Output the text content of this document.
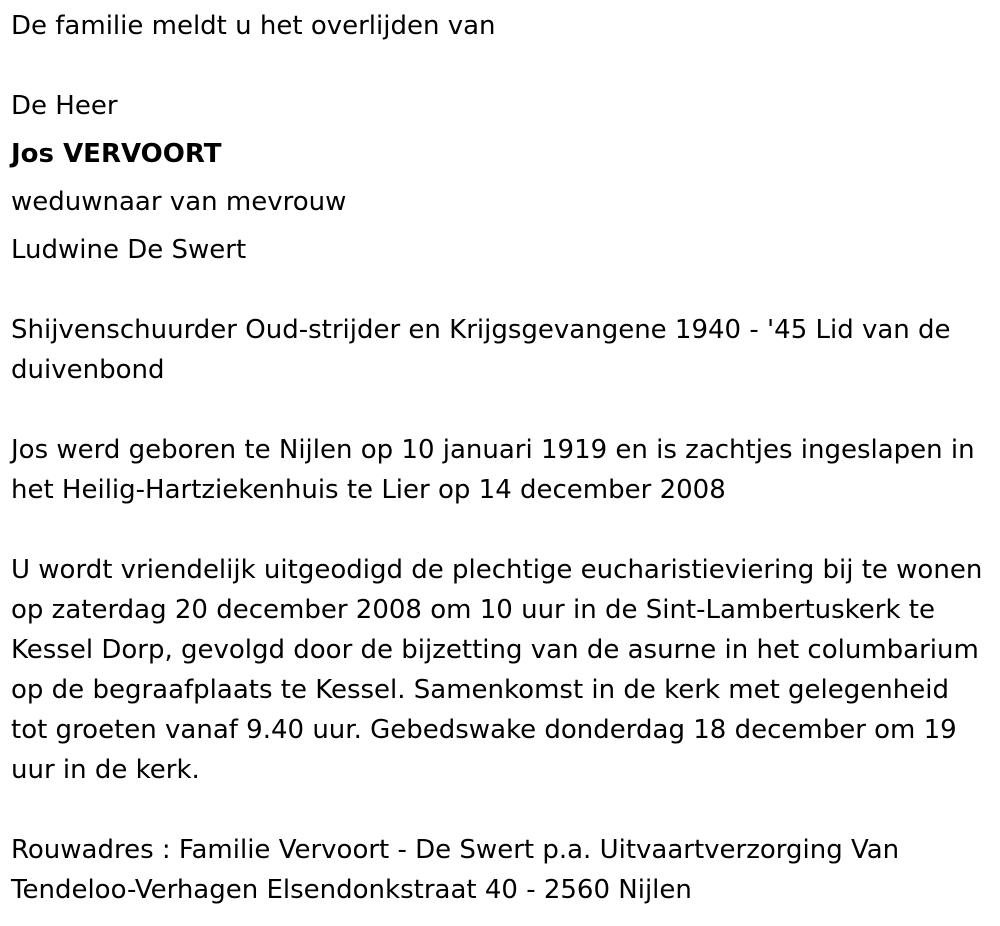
De familie meldt u het overlijden van

De Heer

Jos VERVOORT

weduwnaar van mevrouw

Ludwine De Swert

Shijvenschuurder Oud-strijder en Krijgsgevangene 1940 - '45 Lid van de duivenbond

Jos werd geboren te Nijlen op 10 januari 1919 en is zachtjes ingeslapen in het Heilig-Hartziekenhuis te Lier op 14 december 2008

U wordt vriendelijk uitgeodigd de plechtige eucharistieviering bij te wonen op zaterdag 20 december 2008 om 10 uur in de Sint-Lambertuskerk te Kessel Dorp, gevolgd door de bijzetting van de asurne in het columbarium op de begraafplaats te Kessel. Samenkomst in de kerk met gelegenheid tot groeten vanaf 9.40 uur. Gebedswake donderdag 18 december om 19 uur in de kerk.

Rouwadres : Familie Vervoort - De Swert p.a. Uitvaartverzorging Van Tendeloo-Verhagen Elsendonkstraat 40 - 2560 Nijlen
